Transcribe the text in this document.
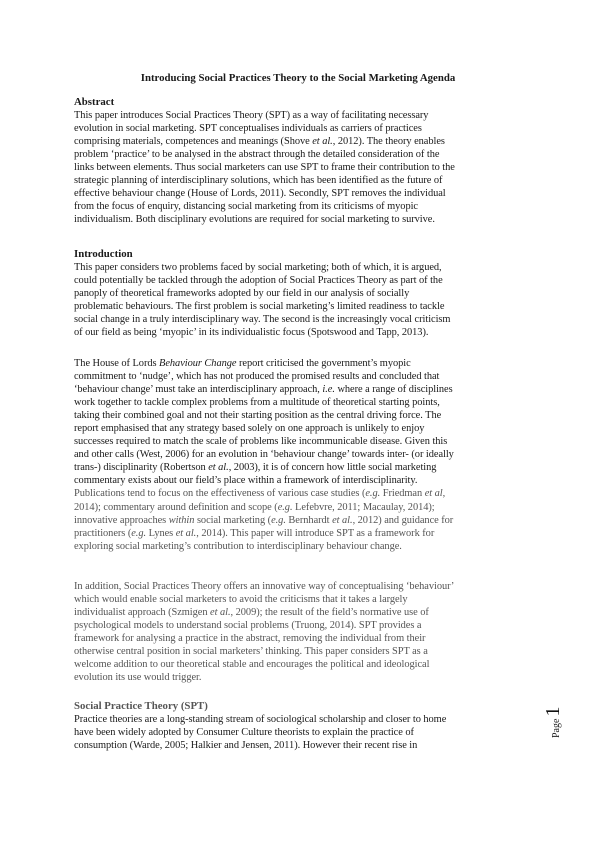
Introducing Social Practices Theory to the Social Marketing Agenda
Abstract
This paper introduces Social Practices Theory (SPT) as a way of facilitating necessary
evolution in social marketing. SPT conceptualises individuals as carriers of practices
comprising materials, competences and meanings (Shove et al., 2012). The theory enables
problem ‘practice’ to be analysed in the abstract through the detailed consideration of the
links between elements. Thus social marketers can use SPT to frame their contribution to the
strategic planning of interdisciplinary solutions, which has been identified as the future of
effective behaviour change (House of Lords, 2011). Secondly, SPT removes the individual
from the focus of enquiry, distancing social marketing from its criticisms of myopic
individualism. Both disciplinary evolutions are required for social marketing to survive.
Introduction
This paper considers two problems faced by social marketing; both of which, it is argued,
could potentially be tackled through the adoption of Social Practices Theory as part of the
panoply of theoretical frameworks adopted by our field in our analysis of socially
problematic behaviours. The first problem is social marketing’s limited readiness to tackle
social change in a truly interdisciplinary way. The second is the increasingly vocal criticism
of our field as being ‘myopic’ in its individualistic focus (Spotswood and Tapp, 2013).
The House of Lords Behaviour Change report criticised the government’s myopic
commitment to ‘nudge’, which has not produced the promised results and concluded that
‘behaviour change’ must take an interdisciplinary approach, i.e. where a range of disciplines
work together to tackle complex problems from a multitude of theoretical starting points,
taking their combined goal and not their starting position as the central driving force. The
report emphasised that any strategy based solely on one approach is unlikely to enjoy
successes required to match the scale of problems like incommunicable disease. Given this
and other calls (West, 2006) for an evolution in ‘behaviour change’ towards inter- (or ideally
trans-) disciplinarity (Robertson et al., 2003), it is of concern how little social marketing
commentary exists about our field’s place within a framework of interdisciplinarity.
Publications tend to focus on the effectiveness of various case studies (e.g. Friedman et al,
2014); commentary around definition and scope (e.g. Lefebvre, 2011; Macaulay, 2014);
innovative approaches within social marketing (e.g. Bernhardt et al., 2012) and guidance for
practitioners (e.g. Lynes et al., 2014). This paper will introduce SPT as a framework for
exploring social marketing’s contribution to interdisciplinary behaviour change.
In addition, Social Practices Theory offers an innovative way of conceptualising ‘behaviour’
which would enable social marketers to avoid the criticisms that it takes a largely
individualist approach (Szmigen et al., 2009); the result of the field’s normative use of
psychological models to understand social problems (Truong, 2014). SPT provides a
framework for analysing a practice in the abstract, removing the individual from their
otherwise central position in social marketers’ thinking. This paper considers SPT as a
welcome addition to our theoretical stable and encourages the political and ideological
evolution its use would trigger.
Social Practice Theory (SPT)
Practice theories are a long-standing stream of sociological scholarship and closer to home
have been widely adopted by Consumer Culture theorists to explain the practice of
consumption (Warde, 2005; Halkier and Jensen, 2011). However their recent rise in
Page
1
